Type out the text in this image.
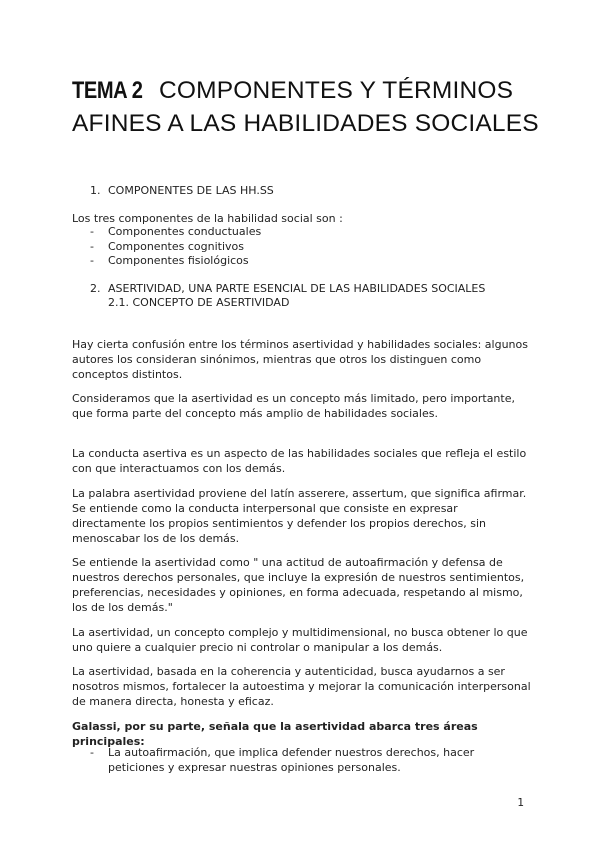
TEMA 2 COMPONENTES Y TÉRMINOS AFINES A LAS HABILIDADES SOCIALES
1. COMPONENTES DE LAS HH.SS
Los tres componentes de la habilidad social son :
- Componentes conductuales
- Componentes cognitivos
- Componentes fisiológicos
2. ASERTIVIDAD, UNA PARTE ESENCIAL DE LAS HABILIDADES SOCIALES
2.1. CONCEPTO DE ASERTIVIDAD

Hay cierta confusión entre los términos asertividad y habilidades sociales: algunos autores los consideran sinónimos, mientras que otros los distinguen como conceptos distintos.

Consideramos que la asertividad es un concepto más limitado, pero importante, que forma parte del concepto más amplio de habilidades sociales.

La conducta asertiva es un aspecto de las habilidades sociales que refleja el estilo con que interactuamos con los demás.

La palabra asertividad proviene del latín asserere, assertum, que significa afirmar. Se entiende como la conducta interpersonal que consiste en expresar directamente los propios sentimientos y defender los propios derechos, sin menoscabar los de los demás.

Se entiende la asertividad como " una actitud de autoafirmación y defensa de nuestros derechos personales, que incluye la expresión de nuestros sentimientos, preferencias, necesidades y opiniones, en forma adecuada, respetando al mismo, los de los demás."

La asertividad, un concepto complejo y multidimensional, no busca obtener lo que uno quiere a cualquier precio ni controlar o manipular a los demás.

La asertividad, basada en la coherencia y autenticidad, busca ayudarnos a ser nosotros mismos, fortalecer la autoestima y mejorar la comunicación interpersonal de manera directa, honesta y eficaz.

Galassi, por su parte, señala que la asertividad abarca tres áreas principales:
- La autoafirmación, que implica defender nuestros derechos, hacer peticiones y expresar nuestras opiniones personales.
1
